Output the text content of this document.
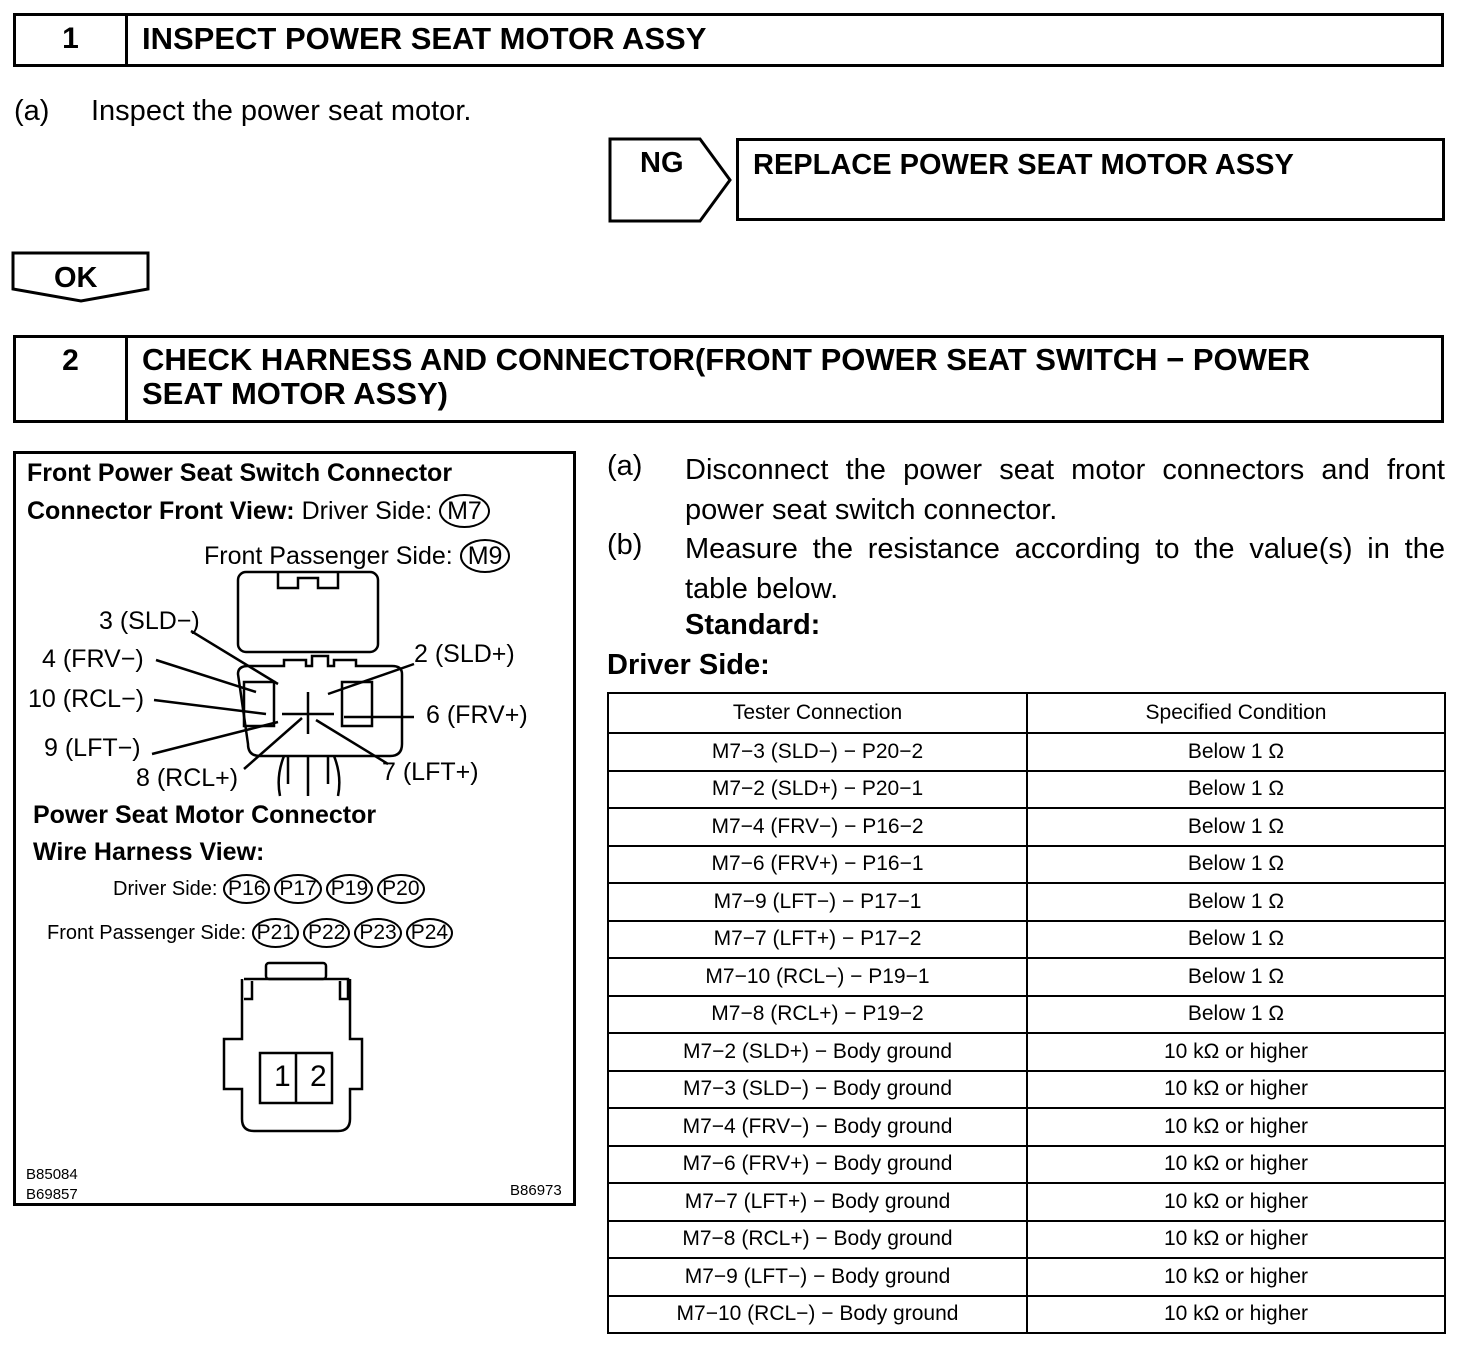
1	INSPECT POWER SEAT MOTOR ASSY
(a) Inspect the power seat motor.
NG	REPLACE POWER SEAT MOTOR ASSY
OK
2	CHECK HARNESS AND CONNECTOR(FRONT POWER SEAT SWITCH − POWER
SEAT MOTOR ASSY)
Front Power Seat Switch Connector
Connector Front View: Driver Side: M7
Front Passenger Side: M9
3 (SLD−)
4 (FRV−)	2 (SLD+)
10 (RCL−)
6 (FRV+)
9 (LFT−)
8 (RCL+)	7 (LFT+)
Power Seat Motor Connector
Wire Harness View:
Driver Side: P16 P17 P19 P20
Front Passenger Side: P21 P22 P23 P24
1 2
B85084
B69857	B86973
(a) Disconnect the power seat motor connectors and front
power seat switch connector.
(b) Measure the resistance according to the value(s) in the
table below.
Standard:
Driver Side:
Tester Connection	Specified Condition
M7−3 (SLD−) − P20−2	Below 1 Ω
M7−2 (SLD+) − P20−1	Below 1 Ω
M7−4 (FRV−) − P16−2	Below 1 Ω
M7−6 (FRV+) − P16−1	Below 1 Ω
M7−9 (LFT−) − P17−1	Below 1 Ω
M7−7 (LFT+) − P17−2	Below 1 Ω
M7−10 (RCL−) − P19−1	Below 1 Ω
M7−8 (RCL+) − P19−2	Below 1 Ω
M7−2 (SLD+) − Body ground	10 kΩ or higher
M7−3 (SLD−) − Body ground	10 kΩ or higher
M7−4 (FRV−) − Body ground	10 kΩ or higher
M7−6 (FRV+) − Body ground	10 kΩ or higher
M7−7 (LFT+) − Body ground	10 kΩ or higher
M7−8 (RCL+) − Body ground	10 kΩ or higher
M7−9 (LFT−) − Body ground	10 kΩ or higher
M7−10 (RCL−) − Body ground	10 kΩ or higher
